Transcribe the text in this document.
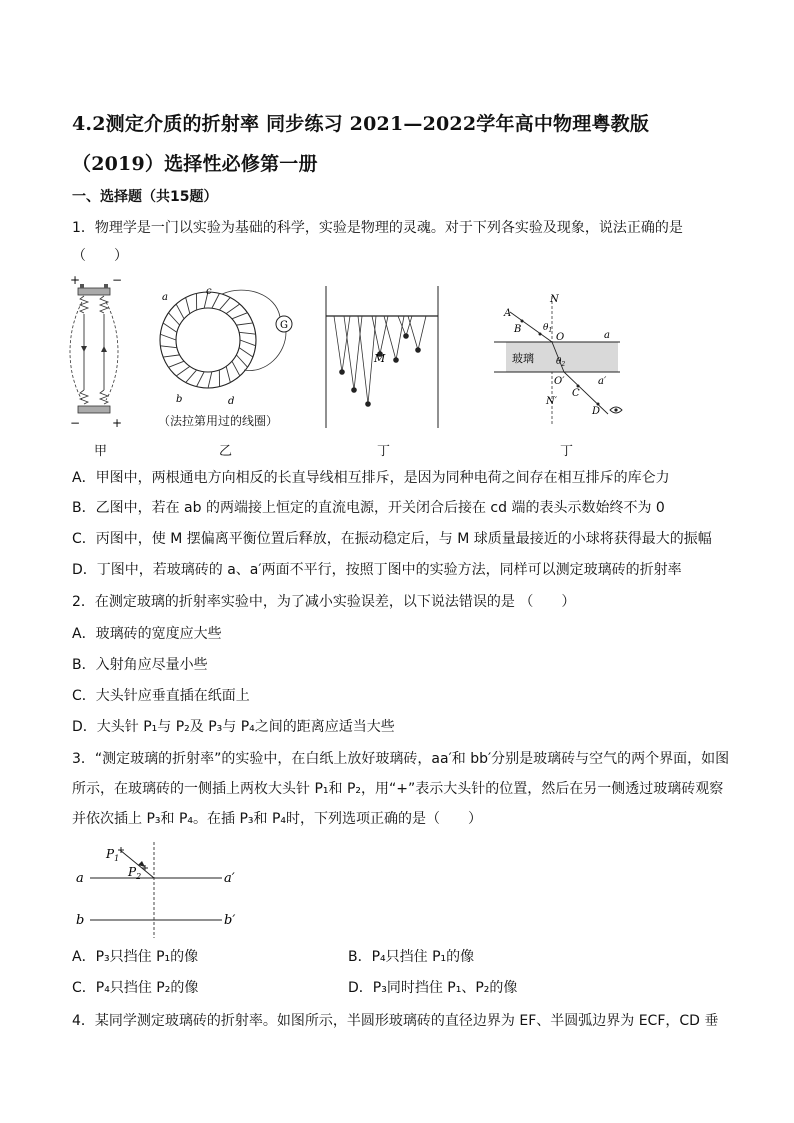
4.2测定介质的折射率 同步练习 2021—2022学年高中物理粤教版
（2019）选择性必修第一册
一、选择题（共15题）
1．物理学是一门以实验为基础的科学，实验是物理的灵魂。对于下列各实验及现象，说法正确的是
（　　）
+	−
−	+
甲
G
a
c
b	d
（法拉第用过的线圈）
乙
M
丁
N
A
B $\theta_1$
O	a
玻璃 $\theta_2$
O′	a′
C
N′
D
丁
A．甲图中，两根通电方向相反的长直导线相互排斥，是因为同种电荷之间存在相互排斥的库仑力
B．乙图中，若在 ab 的两端接上恒定的直流电源，开关闭合后接在 cd 端的表头示数始终不为 0
C．丙图中，使 M 摆偏离平衡位置后释放，在振动稳定后，与 M 球质量最接近的小球将获得最大的振幅
D．丁图中，若玻璃砖的 a、a′两面不平行，按照丁图中的实验方法，同样可以测定玻璃砖的折射率
2．在测定玻璃的折射率实验中，为了减小实验误差，以下说法错误的是 （　　）
A．玻璃砖的宽度应大些
B．入射角应尽量小些
C．大头针应垂直插在纸面上
D．大头针 P₁与 P₂及 P₃与 P₄之间的距离应适当大些
3．“测定玻璃的折射率”的实验中，在白纸上放好玻璃砖，aa′和 bb′分别是玻璃砖与空气的两个界面，如图
所示，在玻璃砖的一侧插上两枚大头针 P₁和 P₂，用“+”表示大头针的位置，然后在另一侧透过玻璃砖观察
并依次插上 P₃和 P₄。在插 P₃和 P₄时，下列选项正确的是（　　）
a	a′
b	b′
$P_1$
$P_2$
A．P₃只挡住 P₁的像	B．P₄只挡住 P₁的像
C．P₄只挡住 P₂的像	D．P₃同时挡住 P₁、P₂的像
4．某同学测定玻璃砖的折射率。如图所示，半圆形玻璃砖的直径边界为 EF、半圆弧边界为 ECF，CD 垂
